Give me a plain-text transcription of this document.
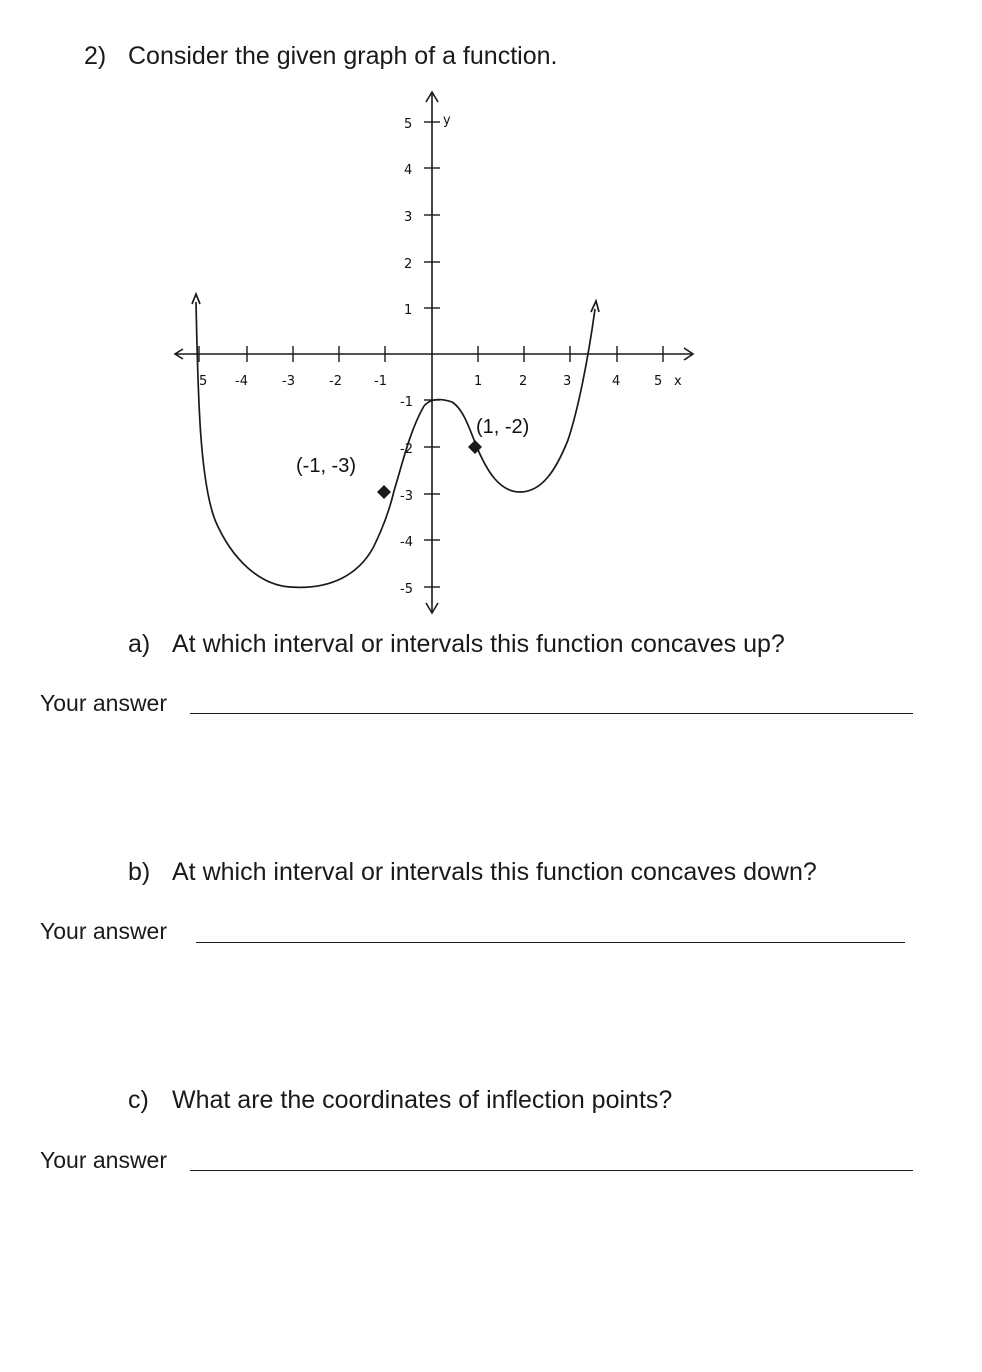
2) Consider the given graph of a function.
5 -4	-3	-2 -1	1	2	3	4	5 x
5 y
4
3
2
1
-1
-2
-3
-4
-5
(-1, -3)
(1, -2)
a) At which interval or intervals this function concaves up?
Your answer
b) At which interval or intervals this function concaves down?
Your answer
c) What are the coordinates of inflection points?
Your answer
